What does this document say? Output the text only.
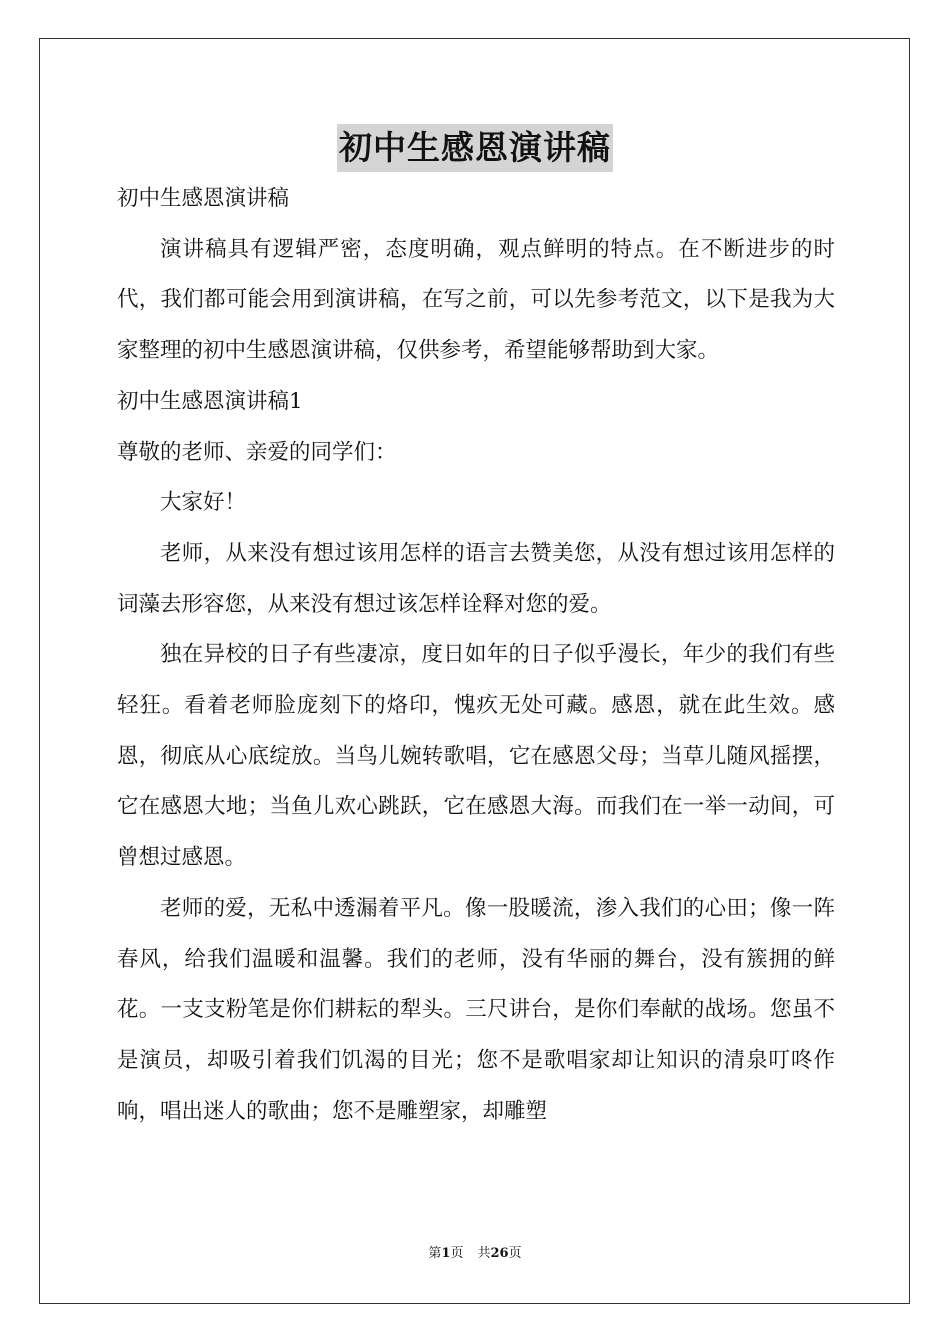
初中生感恩演讲稿

初中生感恩演讲稿

演讲稿具有逻辑严密，态度明确，观点鲜明的特点。在不断进步的时代，我们都可能会用到演讲稿，在写之前，可以先参考范文，以下是我为大家整理的初中生感恩演讲稿，仅供参考，希望能够帮助到大家。

初中生感恩演讲稿1

尊敬的老师、亲爱的同学们：

大家好！

老师，从来没有想过该用怎样的语言去赞美您，从没有想过该用怎样的词藻去形容您，从来没有想过该怎样诠释对您的爱。

独在异校的日子有些凄凉，度日如年的日子似乎漫长，年少的我们有些轻狂。看着老师脸庞刻下的烙印，愧疚无处可藏。感恩，就在此生效。感恩，彻底从心底绽放。当鸟儿婉转歌唱，它在感恩父母；当草儿随风摇摆，它在感恩大地；当鱼儿欢心跳跃，它在感恩大海。而我们在一举一动间，可曾想过感恩。

老师的爱，无私中透漏着平凡。像一股暖流，渗入我们的心田；像一阵春风，给我们温暖和温馨。我们的老师，没有华丽的舞台，没有簇拥的鲜花。一支支粉笔是你们耕耘的犁头。三尺讲台，是你们奉献的战场。您虽不是演员，却吸引着我们饥渴的目光；您不是歌唱家却让知识的清泉叮咚作响，唱出迷人的歌曲；您不是雕塑家，却雕塑

第1页 共26页
